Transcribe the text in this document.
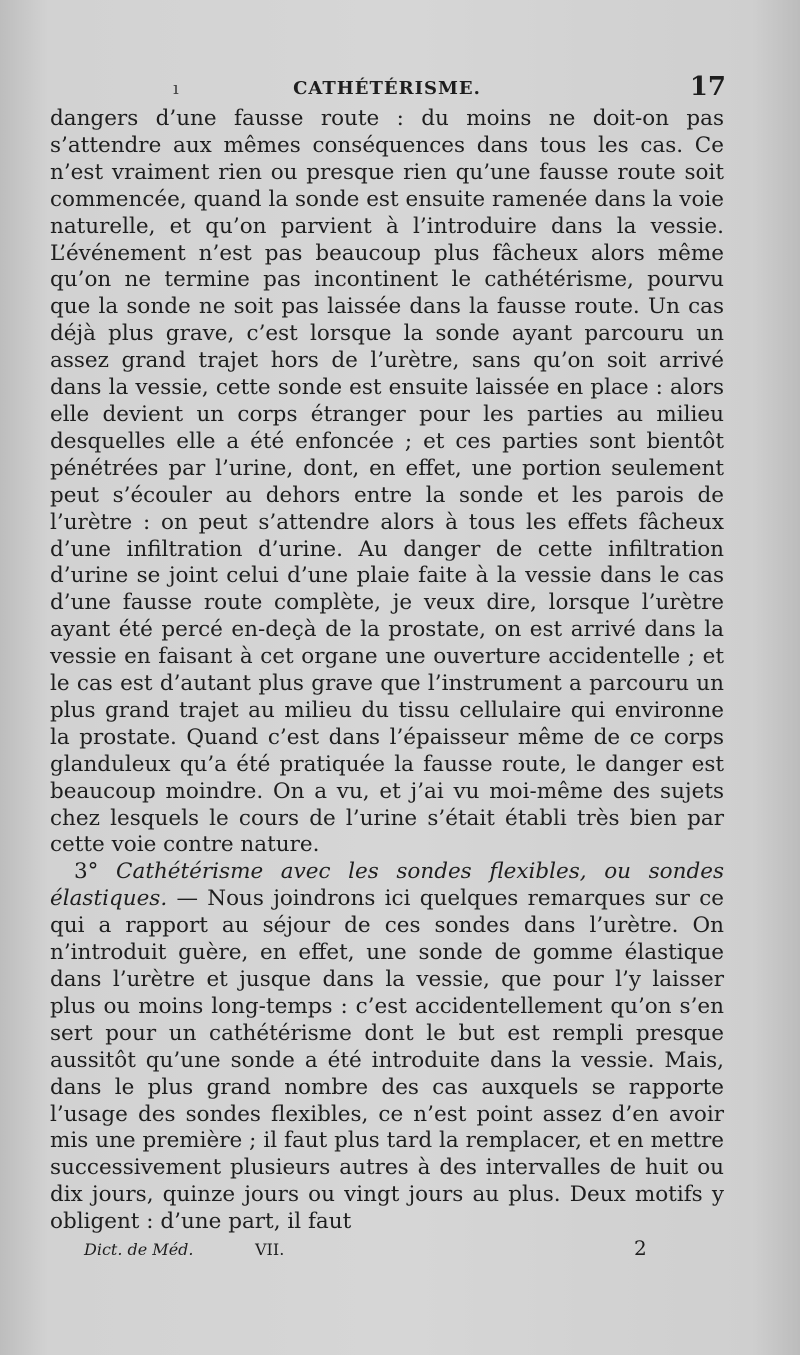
ı	CATHÉTÉRISME.	17

dangers d’une fausse route : du moins ne doit-on pas s’attendre aux mêmes conséquences dans tous les cas. Ce n’est vraiment rien ou presque rien qu’une fausse route soit commencée, quand la sonde est ensuite ramenée dans la voie naturelle, et qu’on parvient à l’introduire dans la vessie. L’événement n’est pas beaucoup plus fâcheux alors même qu’on ne termine pas incontinent le cathétérisme, pourvu que la sonde ne soit pas laissée dans la fausse route. Un cas déjà plus grave, c’est lorsque la sonde ayant parcouru un assez grand trajet hors de l’urètre, sans qu’on soit arrivé dans la vessie, cette sonde est ensuite laissée en place : alors elle devient un corps étranger pour les parties au milieu desquelles elle a été enfoncée ; et ces parties sont bientôt pénétrées par l’urine, dont, en effet, une portion seulement peut s’écouler au dehors entre la sonde et les parois de l’urètre : on peut s’attendre alors à tous les effets fâcheux d’une infiltration d’urine. Au danger de cette infiltration d’urine se joint celui d’une plaie faite à la vessie dans le cas d’une fausse route complète, je veux dire, lorsque l’urètre ayant été percé en-deçà de la prostate, on est arrivé dans la vessie en faisant à cet organe une ouverture accidentelle ; et le cas est d’autant plus grave que l’instrument a parcouru un plus grand trajet au milieu du tissu cellulaire qui environne la prostate. Quand c’est dans l’épaisseur même de ce corps glanduleux qu’a été pratiquée la fausse route, le danger est beaucoup moindre. On a vu, et j’ai vu moi-même des sujets chez lesquels le cours de l’urine s’était établi très bien par cette voie contre nature.

3° Cathétérisme avec les sondes flexibles, ou sondes élastiques. — Nous joindrons ici quelques remarques sur ce qui a rapport au séjour de ces sondes dans l’urètre. On n’introduit guère, en effet, une sonde de gomme élastique dans l’urètre et jusque dans la vessie, que pour l’y laisser plus ou moins long-temps : c’est accidentellement qu’on s’en sert pour un cathétérisme dont le but est rempli presque aussitôt qu’une sonde a été introduite dans la vessie. Mais, dans le plus grand nombre des cas auxquels se rapporte l’usage des sondes flexibles, ce n’est point assez d’en avoir mis une première ; il faut plus tard la remplacer, et en mettre successivement plusieurs autres à des intervalles de huit ou dix jours, quinze jours ou vingt jours au plus. Deux motifs y obligent : d’une part, il faut

Dict. de Méd.	VII.	2
